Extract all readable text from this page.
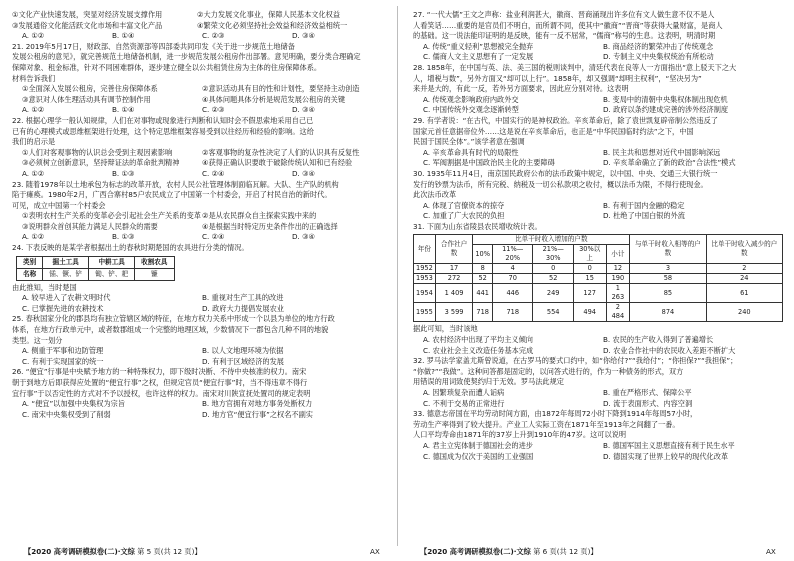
①文化产业快速发展，突显对经济发展支撑作用	②大力发展文化事业，保障人民基本文化权益
③发展通俗文化能活跃文化市场和丰富文化产品	④繁荣文化必须坚持社会效益和经济效益相统一
A. ①②	B. ①④	C. ②③	D. ③④

21. 2019年5月17日，财政部、自然资源部等四部委共同印发《关于进一步规范土地储备

发展公租房的意见》，就完善规范土地储备机制，进一步规范发展公租房作出部署。意见明确，要分类合理确定

保障对象、租金标准，针对不同困难群体，逐步建立健全以公共租赁住房为主体的住房保障体系。

材料告诉我们

①全面深入发展公租房，完善住房保障体系	②意识活动具有目的性和计划性，要坚持主动创造
③意识对人体生理活动具有调节控制作用	④具体问题具体分析是规范发展公租房的关键
A. ①②	B. ①④	C. ②③	D. ③④

22. 根据心理学一般认知规律，人们在对事物或现象进行判断和认知时会不假思索地采用自己已

已有的心理模式或思维框架进行处理，这个特定思维框架容易受到以往经历和经验的影响。这给

我们的启示是

①人们对客观事物的认识总会受到主观因素影响	②客观事物的复杂性决定了人们的认识具有反复性
③必须树立创新意识，坚持辩证法的革命批判精神	④获得正确认识要敢于破除传统认知和已有经验
A. ①②	B. ①③	C. ②④	D. ③④

23. 随着1978年以土地承包为标志的改革开放，农村人民公社管理体制面临瓦解。大队、生产队的机构

陷于瘫痪。1980年2月，广西合寨村85户农民成立了中国第一个村委会，开启了村民自治的新时代。

可见，成立中国第一个村委会

①表明农村生产关系的变革必会引起社会生产关系的变革 ②是从农民群众自主探索实践中来的
③说明群众首创其能力满足人民群众的需要	④是根据当时特定历史条件作出的正确选择
A. ①②	B. ①③	C. ②④	D. ③④

24. 下表反映的是某学者根据出土的春秋时期楚国的农具进行分类的情况。

类别	掘土工具	中耕工具	收割农具
名称	锸、镢、铲	锄、铲、耙	镰

由此推知，当时楚国

A. 较早进入了农耕文明时代	B. 重视对生产工具的改进
C. 已掌握先进的农耕技术	D. 政府大力提倡发展农业

25. 春秋国家分化的郡县均有独立管辖区域的特征，在地方权力关系中形成一个以县为单位的地方行政

体系，在地方行政单元中，或者数郡组成一个完整的地理区域，少数情况下一郡包含几种不同的地貌

类型。这一划分

A. 侧重于军事和边防管理	B. 以人文地理环境为依据
C. 有利于实现国家的统一	D. 有利于区域经济的发展

26. “便宜”行事是中央赋予地方的一种特殊权力，即下级时决断、不待中央核准的权力。南宋

朝于到地方后即获得应处置的“便宜行事”之权，但规定官员“便宜行事”时，当不得违章不得行

宜行事”于以否定性的方式对不予以授权，也许这样的权力。南宋对川陕宣抚处置司的规定表明

A. “便宜”以加强中央集权为宗旨	B. 地方官拥有对地方事务处断权力
C. 南宋中央集权受到了削弱	D. 地方官“便宜行事”之权名不副实

27. “一代大儒”王文之声称：盐业利润甚大，徽商、晋商涌现出许多位有文人做生意不仅不是人

人看笑话……重要的是官员们不明白，而所谓不同，使其中“徽商”“晋商”等获得大量财富，是商人

的基础。这一说法能印证明的是反映，能有一反不屈常，“儒商”称号的生息。这表明，明清时期

A. 传统“重义轻利”思想被完全抛弃	B. 商品经济的繁荣冲击了传统观念
C. 儒商人文主义思想有了一定发展	D. 专制主义中央集权统治有所松动

28. 1858年，在中国与英、法、美三国的税则谈判中，清廷代表在良等人一方面指出“意上驳天下之大

人，增税与数”，另外方面又“却可以上行”。1858年，却又强调“却明主权利”，“坚决另为”

来并是大的，有此一反，若外另方面要求，因此应分别对待。这表明

A. 传统观念影响政府内政外交	B. 变局中的清朝中央集权体制出现危机
C. 中国传统外交观念逐渐转型	D. 政府以条约建成完善的涉外经济制度

29. 有学者说：“在古代，中国实行的是神权政治。辛亥革命后，除了袁世凯复辟帝制公然违反了

国家元首任意据帝位外……这是说在辛亥革命后，也正是“中华民国临时约法”之下，中国

民国于国民全体”。”该学者意在强调

A. 辛亥革命具有时代的局限性	B. 民主共和思想对近代中国影响深远
C. 军阀割据是中国政治民主化的主要障碍	D. 辛亥革命确立了新的政治“合法性”模式

30. 1935年11月4日，南京国民政府公布的法币政策中规定，以中国、中央、交通三大银行统一

发行的钞票为法币，所有完税、纳税及一切公私款项之收付，概以法币为限，不得行使现金。

此次法币改革

A. 体现了官僚资本的掠夺	B. 有利于国内金融的稳定
C. 加重了广大农民的负担	D. 杜绝了中国白银的外流

31. 下面为山东省陵县农民增收统计表。

年份	合作社户数	比单干时收入增加的户数					与单干时收入相等的户数	比单干时收入减少的户数
		10%	11%—20%	21%—30%	30%以上	小计		
1952	17	8	4	0	0	12	3	2
1953	272	52	70	52	15	190	58	24
1954	1 409	441	446	249	127	1 263	85	61
1955	3 599	718	718	554	494	2 484	874	240

据此可知，当时该地

A. 农村经济中出现了平均主义倾向	B. 农民的生产收入得到了普遍增长
C. 农业社会主义改造任务基本完成	D. 农业合作社中的农民收入差距不断扩大

32. 罗马法学家盖尤斯曾说道，在古罗马的要式口约中，如“你给付?”“我给付”；“你担保?”“我担保”；

“你做?”“我做”。这种问答都是固定的，以问答式进行的，作为一种债务的形式，双方

用错误的用词致使契约归于无效。罗马法此规定

A. 因繁琐复杂而遭人诟病	B. 重在严格形式、保障公平
C. 不利于交易的正常进行	D. 流于表面形式、内容空洞

33. 德意志帝国在平均劳动时间方面，由1872年每周72小时下降到1914年每周57小时，

劳动生产率得到了较大提升。产业工人实际工资在1871年至1913年之间翻了一番。

人口平均寿命由1871年的37岁上升到1910年的47岁。这可以说明

A. 君主立宪体制于德国社会的进步	B. 德国军国主义思想直接有利于民生水平
C. 德国成为仅次于美国的工业强国	D. 德国实现了世界上较早的现代化改革
【2020 高考调研模拟卷(二)·文综 第 5 页(共 12 页)】	AX	【2020 高考调研模拟卷(二)·文综 第 6 页(共 12 页)】	AX
